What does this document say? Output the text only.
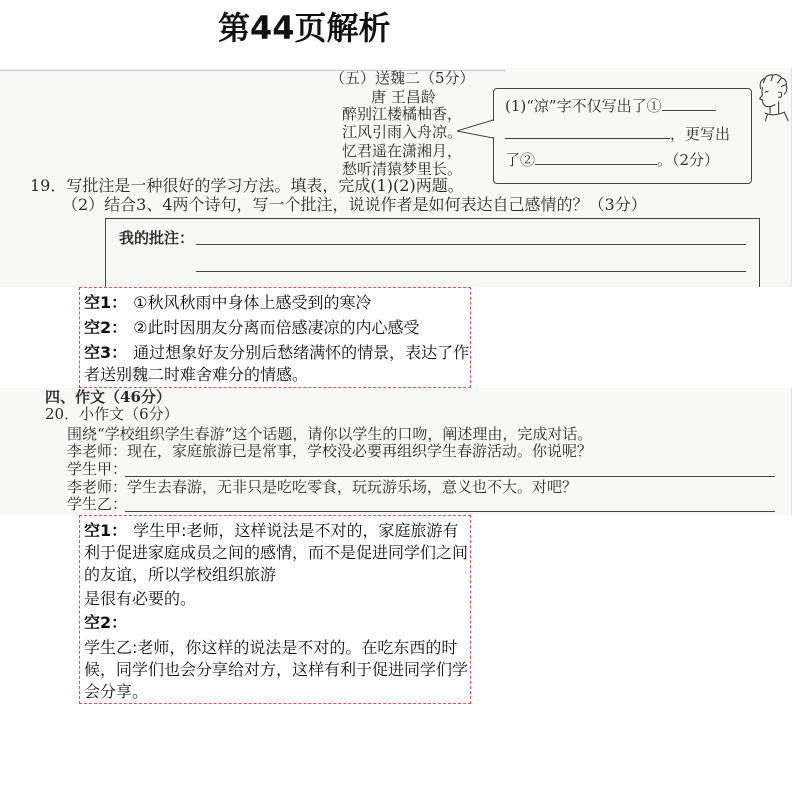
第44页解析
（五）送魏二（5分）
唐 王昌龄
醉别江楼橘柚香，
江风引雨入舟凉。
忆君遥在潇湘月，
愁听清猿梦里长。
(1)“凉”字不仅写出了①
，更写出
了②	。（2分）
19．写批注是一种很好的学习方法。填表，完成(1)(2)两题。
（2）结合3、4两个诗句，写一个批注，说说作者是如何表达自己感情的？（3分）
我的批注：
空1： ①秋风秋雨中身体上感受到的寒冷
空2： ②此时因朋友分离而倍感凄凉的内心感受
空3： 通过想象好友分别后愁绪满怀的情景，表达了作
者送别魏二时难舍难分的情感。
四、作文（46分）
20．小作文（6分）
围绕“学校组织学生春游”这个话题，请你以学生的口吻，阐述理由，完成对话。
李老师：现在，家庭旅游已是常事，学校没必要再组织学生春游活动。你说呢？
学生甲：
李老师：学生去春游，无非只是吃吃零食，玩玩游乐场，意义也不大。对吧？
学生乙：
空1： 学生甲:老师，这样说法是不对的，家庭旅游有
利于促进家庭成员之间的感情，而不是促进同学们之间
的友谊，所以学校组织旅游
是很有必要的。
空2：
学生乙:老师，你这样的说法是不对的。在吃东西的时
候，同学们也会分享给对方，这样有利于促进同学们学
会分享。
